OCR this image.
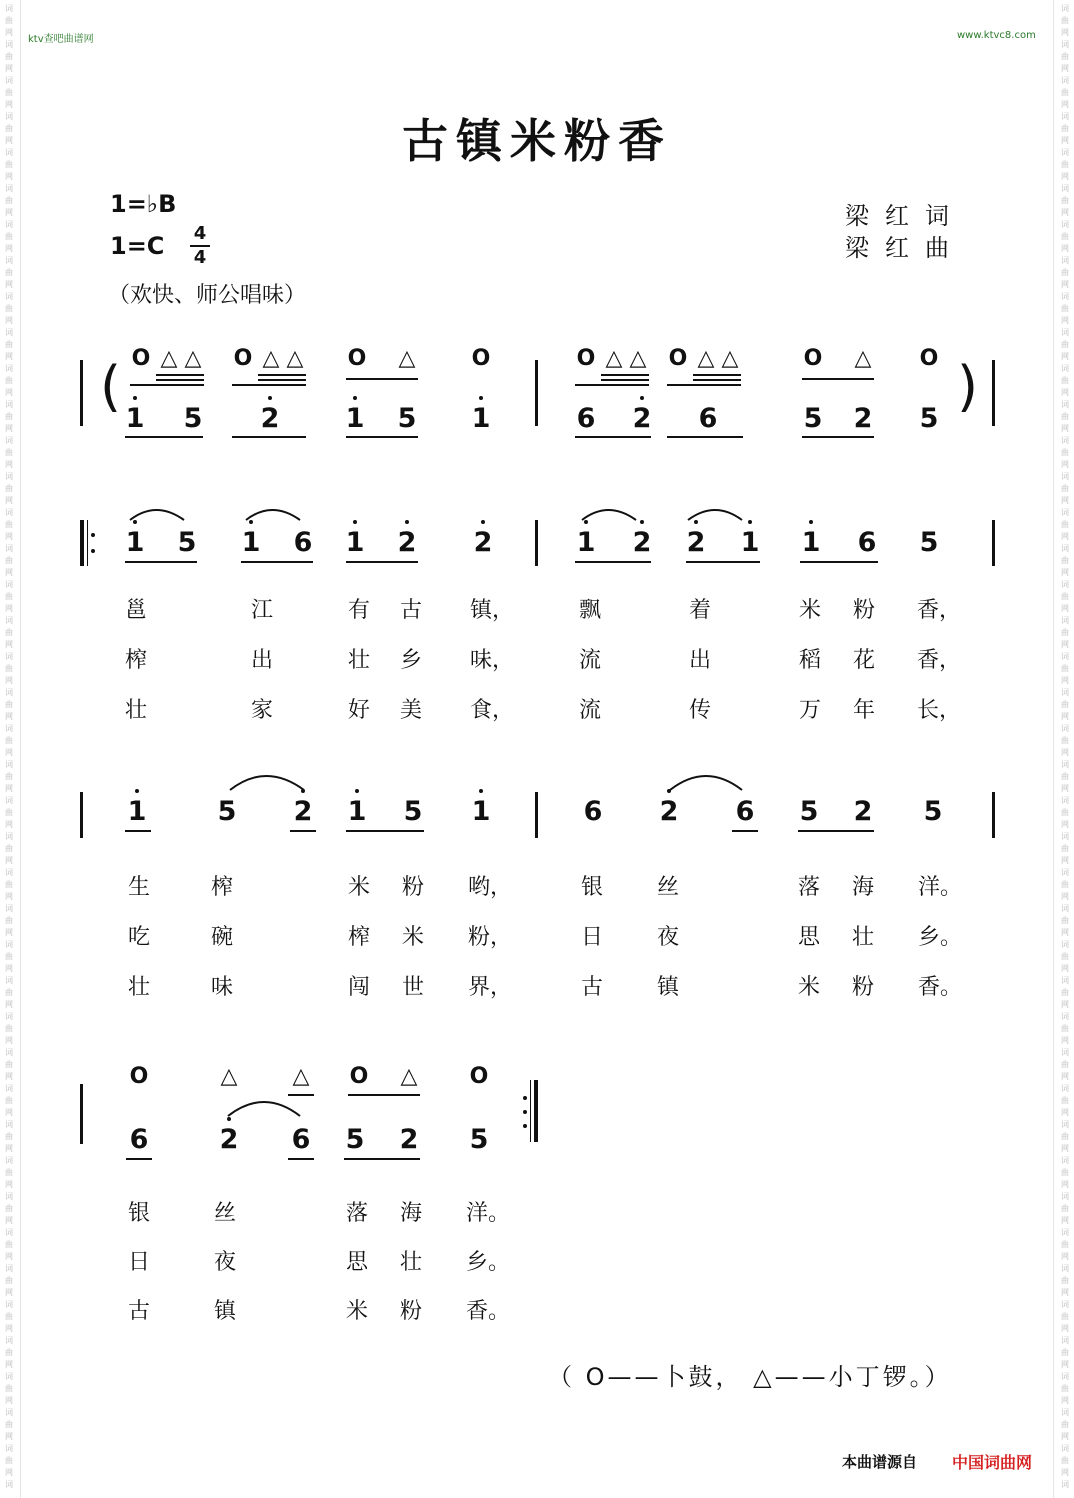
词
曲
网
词
曲
网
词
曲
网
词
曲
网
词
曲
网
词
曲
网
词
曲
网
词
曲
网
词
曲
网
词
曲
网
词
曲
网
词
曲
网
词
曲
网
词
曲
网
词
曲
网
词
曲
网
词
曲
网
词
曲
网
词
曲
网
词
曲
网
词
曲
网
词
曲
网
词
曲
网
词
曲
网
词
曲
网
词
曲
网
词
曲
网
词
曲
网
词
曲
网
词
曲
网
词
曲
网
词
曲
网
词
曲
网
词
曲
网
词
曲
网
词
曲
网
词
曲
网
词
曲
网
词
曲
网
词
曲
网
词
曲
网
词
词
曲
网
词
曲
网
词
曲
网
词
曲
网
词
曲
网
词
曲
网
词
曲
网
词
曲
网
词
曲
网
词
曲
网
词
曲
网
词
曲
网
词
曲
网
词
曲
网
词
曲
网
词
曲
网
词
曲
网
词
曲
网
词
曲
网
词
曲
网
词
曲
网
词
曲
网
词
曲
网
词
曲
网
词
曲
网
词
曲
网
词
曲
网
词
曲
网
词
曲
网
词
曲
网
词
曲
网
词
曲
网
词
曲
网
词
曲
网
词
曲
网
词
曲
网
词
曲
网
词
曲
网
词
曲
网
词
曲
网
词
曲
网
词
ktv查吧曲谱网	www.ktvc8.com
古镇米粉香
1=♭B
1=C 4
4
（欢快、师公唱味）
梁红词
梁红曲
(	)
O △ △ O △ △ O △	O	O △ △ O △ △	O △ O
1 5 2 1 5 1	6 2 6	5 2 5
1 5 1 6 1 2 2	1 2 2 1 1 6 5
邕	江	有 古 镇，	飘	着	米 粉 香，
榨	出	壮 乡 味，	流	出	稻 花 香，
壮	家	好 美 食，	流	传	万 年 长，
1	5 2 1 5 1	6 2 6 5 2 5
生	榨	米 粉 哟，	银 丝	落 海 洋。
吃	碗	榨 米 粉，	日 夜	思 壮 乡。
壮	味	闯 世 界，	古 镇	米 粉 香。
O	△	△ O △ O
6	2 6 5 2 5
银	丝	落 海 洋。
日	夜	思 壮 乡。
古	镇	米 粉 香。
（ O——卜鼓， △——小丁锣。）
本曲谱源自 中国词曲网
